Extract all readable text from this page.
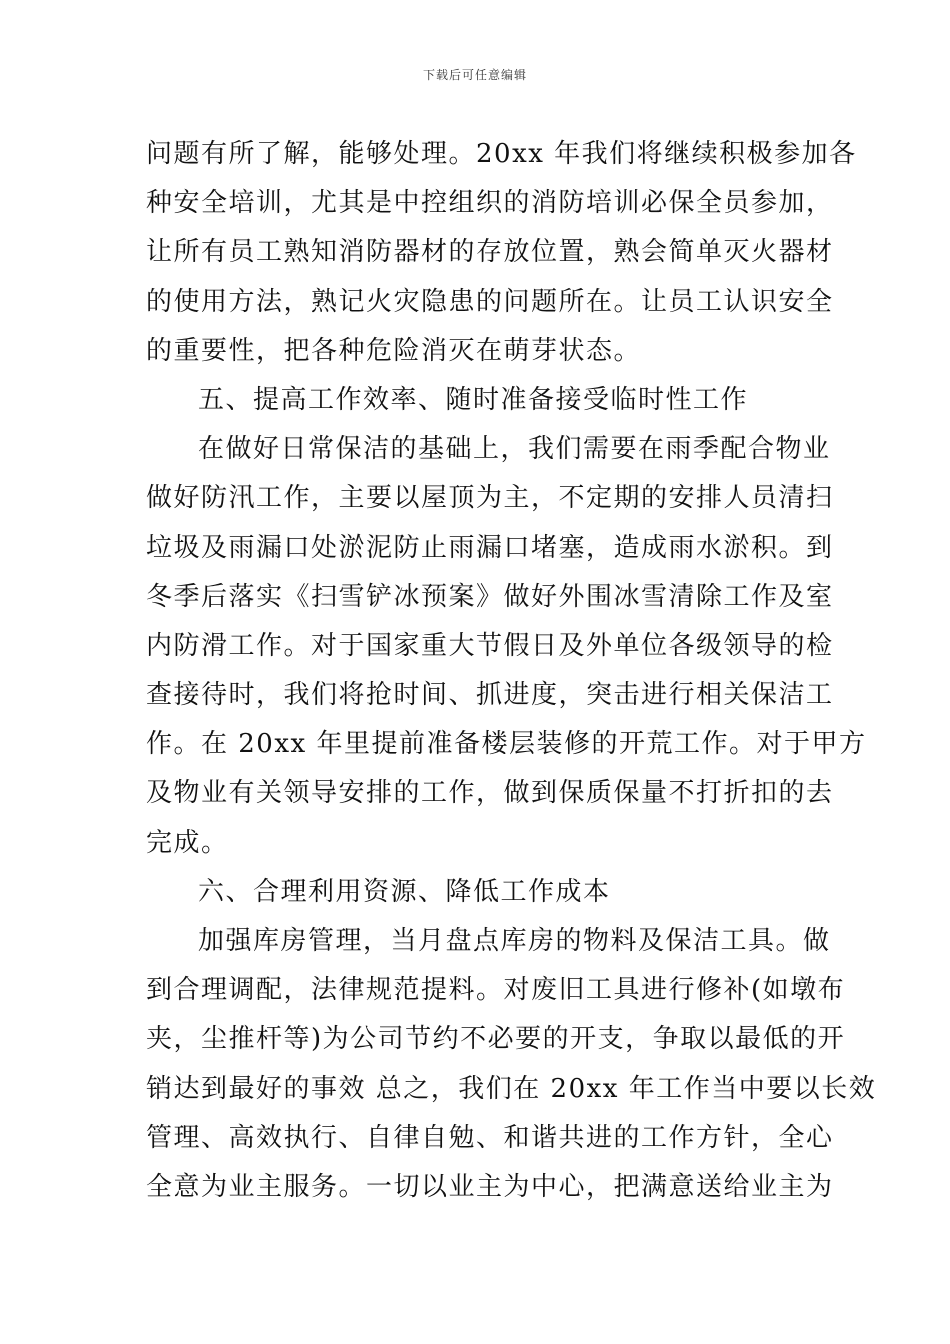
下载后可任意编辑
问题有所了解，能够处理。20xx 年我们将继续积极参加各
种安全培训，尤其是中控组织的消防培训必保全员参加，
让所有员工熟知消防器材的存放位置，熟会简单灭火器材
的使用方法，熟记火灾隐患的问题所在。让员工认识安全
的重要性，把各种危险消灭在萌芽状态。
五、提高工作效率、随时准备接受临时性工作
在做好日常保洁的基础上，我们需要在雨季配合物业
做好防汛工作，主要以屋顶为主，不定期的安排人员清扫
垃圾及雨漏口处淤泥防止雨漏口堵塞，造成雨水淤积。到
冬季后落实《扫雪铲冰预案》做好外围冰雪清除工作及室
内防滑工作。对于国家重大节假日及外单位各级领导的检
查接待时，我们将抢时间、抓进度，突击进行相关保洁工
作。在 20xx 年里提前准备楼层装修的开荒工作。对于甲方
及物业有关领导安排的工作，做到保质保量不打折扣的去
完成。
六、合理利用资源、降低工作成本
加强库房管理，当月盘点库房的物料及保洁工具。做
到合理调配，法律规范提料。对废旧工具进行修补(如墩布
夹，尘推杆等)为公司节约不必要的开支，争取以最低的开
销达到最好的事效 总之，我们在 20xx 年工作当中要以长效
管理、高效执行、自律自勉、和谐共进的工作方针，全心
全意为业主服务。一切以业主为中心，把满意送给业主为
